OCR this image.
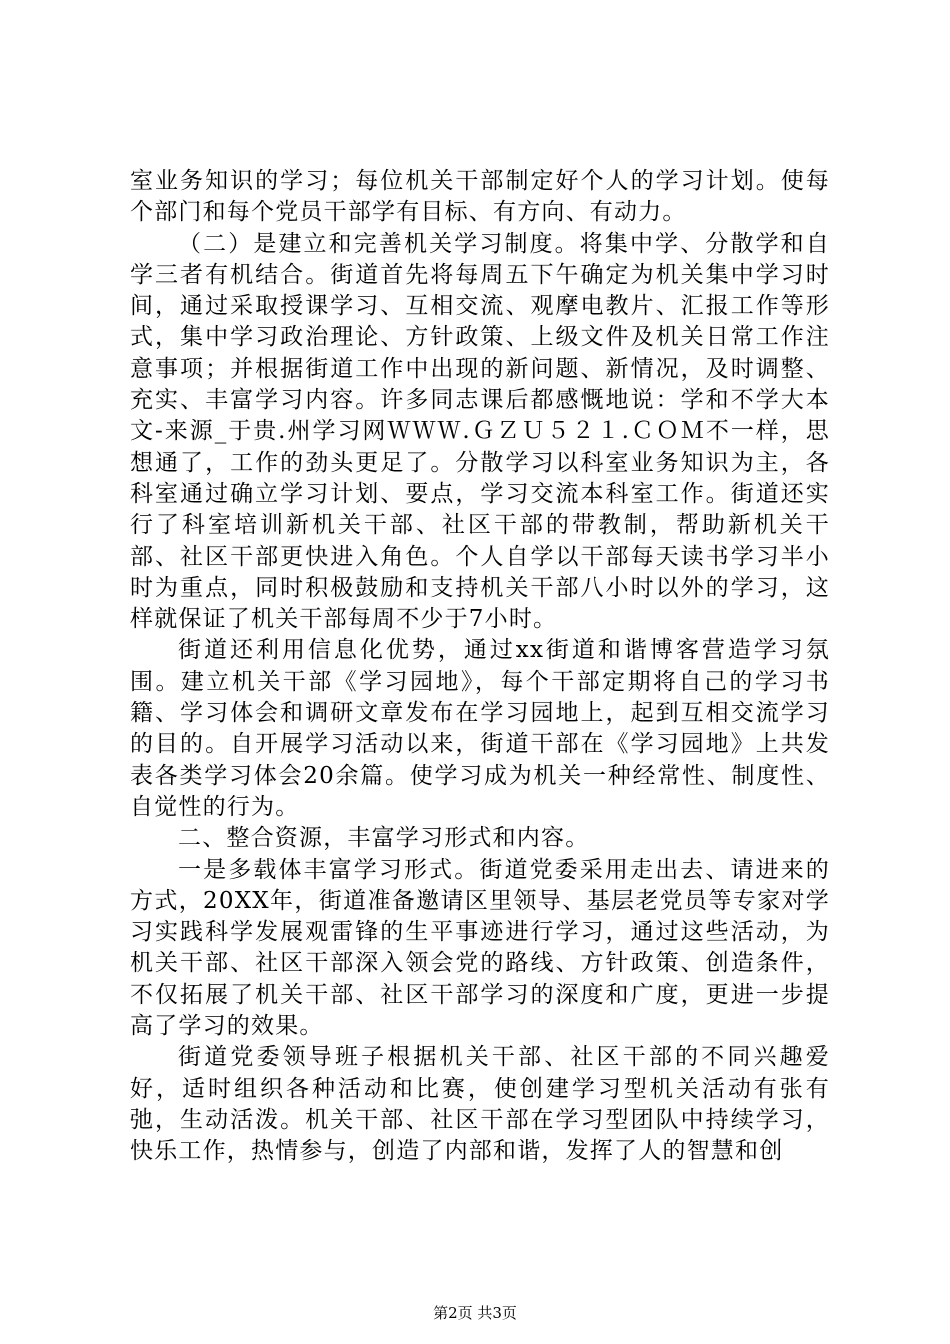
室业务知识的学习；每位机关干部制定好个人的学习计划。使每个部门和每个党员干部学有目标、有方向、有动力。

（二）是建立和完善机关学习制度。将集中学、分散学和自学三者有机结合。街道首先将每周五下午确定为机关集中学习时间，通过采取授课学习、互相交流、观摩电教片、汇报工作等形式，集中学习政治理论、方针政策、上级文件及机关日常工作注意事项；并根据街道工作中出现的新问题、新情况，及时调整、充实、丰富学习内容。许多同志课后都感慨地说：学和不学大本文-来源_于贵.州学习网ＷＷＷ.ＧＺＵ５２１.ＣＯＭ不一样，思想通了，工作的劲头更足了。分散学习以科室业务知识为主，各科室通过确立学习计划、要点，学习交流本科室工作。街道还实行了科室培训新机关干部、社区干部的带教制，帮助新机关干部、社区干部更快进入角色。个人自学以干部每天读书学习半小时为重点，同时积极鼓励和支持机关干部八小时以外的学习，这样就保证了机关干部每周不少于7小时。

街道还利用信息化优势，通过xx街道和谐博客营造学习氛围。建立机关干部《学习园地》，每个干部定期将自己的学习书籍、学习体会和调研文章发布在学习园地上，起到互相交流学习的目的。自开展学习活动以来，街道干部在《学习园地》上共发表各类学习体会20余篇。使学习成为机关一种经常性、制度性、自觉性的行为。

二、整合资源，丰富学习形式和内容。

一是多载体丰富学习形式。街道党委采用走出去、请进来的方式，20XX年，街道准备邀请区里领导、基层老党员等专家对学习实践科学发展观雷锋的生平事迹进行学习，通过这些活动，为机关干部、社区干部深入领会党的路线、方针政策、创造条件，不仅拓展了机关干部、社区干部学习的深度和广度，更进一步提高了学习的效果。

街道党委领导班子根据机关干部、社区干部的不同兴趣爱好，适时组织各种活动和比赛，使创建学习型机关活动有张有弛，生动活泼。机关干部、社区干部在学习型团队中持续学习，快乐工作，热情参与，创造了内部和谐，发挥了人的智慧和创

第2页 共3页
